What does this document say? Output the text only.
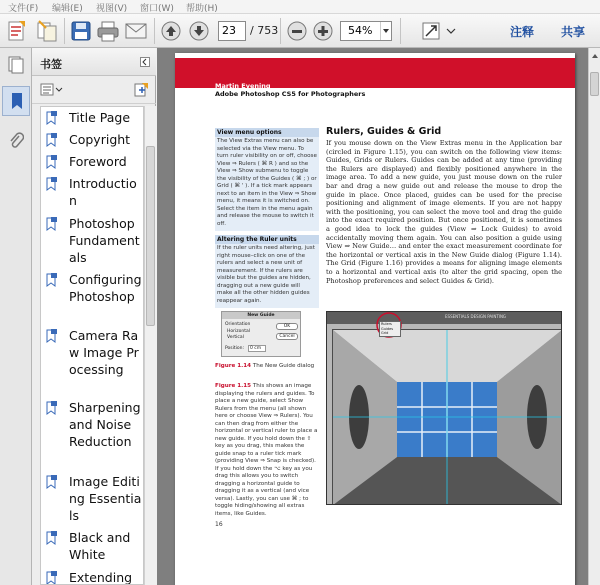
文件(F) 编辑(E) 视图(V) 窗口(W) 帮助(H)
23	/ 753	54%	注释 共享
书签
Title Page
Copyright
Foreword
Introduction
Photoshop Fundamentals
Configuring Photoshop
Camera Raw Image Processing
Sharpening and Noise Reduction
Image Editing Essentials
Black and White
Extending
Martin Evening
Adobe Photoshop CS5 for Photographers
View menu options
The View Extras menu can also be selected via the View menu. To turn ruler visibility on or off, choose View ⇒ Rulers ( ⌘ R ) and so the View ⇒ Show submenu to toggle the visibility of the Guides ( ⌘ ; ) or Grid ( ⌘ ' ). If a tick mark appears next to an item in the View ⇒ Show menu, it means it is switched on. Select the item in the menu again and release the mouse to switch it off.
Altering the Ruler units
If the ruler units need altering, just right mouse–click on one of the rulers and select a new unit of measurement. If the rulers are visible but the guides are hidden, dragging out a new guide will make all the other hidden guides reappear again.
New Guide
Orientation
Horizontal
Vertical
Position:	0 cm
OK
Cancel
Figure 1.14 The New Guide dialog
Figure 1.15 This shows an image displaying the rulers and guides. To place a new guide, select Show Rulers from the menu (all shown here or choose View ⇒ Rulers). You can then drag from either the horizontal or vertical ruler to place a new guide. If you hold down the ⇧ key as you drag, this makes the guide snap to a ruler tick mark (providing View ⇒ Snap is checked). If you hold down the ⌥ key as you drag this allows you to switch dragging a horizontal guide to dragging it as a vertical (and vice versa). Lastly, you can use ⌘ ; to toggle hiding/showing all extras items, like Guides.
Rulers, Guides & Grid
If you mouse down on the View Extras menu in the Application bar (circled in Figure 1.15), you can switch on the following view items: Guides, Grids or Rulers. Guides can be added at any time (providing the Rulers are displayed) and flexibly positioned anywhere in the image area. To add a new guide, you just mouse down on the ruler bar and drag a new guide out and release the mouse to drop the guide in place. Once placed, guides can be used for the precise positioning and alignment of image elements. If you are not happy with the positioning, you can select the move tool and drag the guide into the exact required position. But once positioned, it is sometimes a good idea to lock the guides (View ⇒ Lock Guides) to avoid accidentally moving them again. You can also position a guide using View ⇒ New Guide… and enter the exact measurement coordinate for the horizontal or vertical axis in the New Guide dialog (Figure 1.14). The Grid (Figure 1.16) provides a means for aligning image elements to a horizontal and vertical axis (to alter the grid spacing, open the Photoshop preferences and select Guides & Grid).
ESSENTIALS DESIGN PAINTING
Rulers
Guides
Grid
16
